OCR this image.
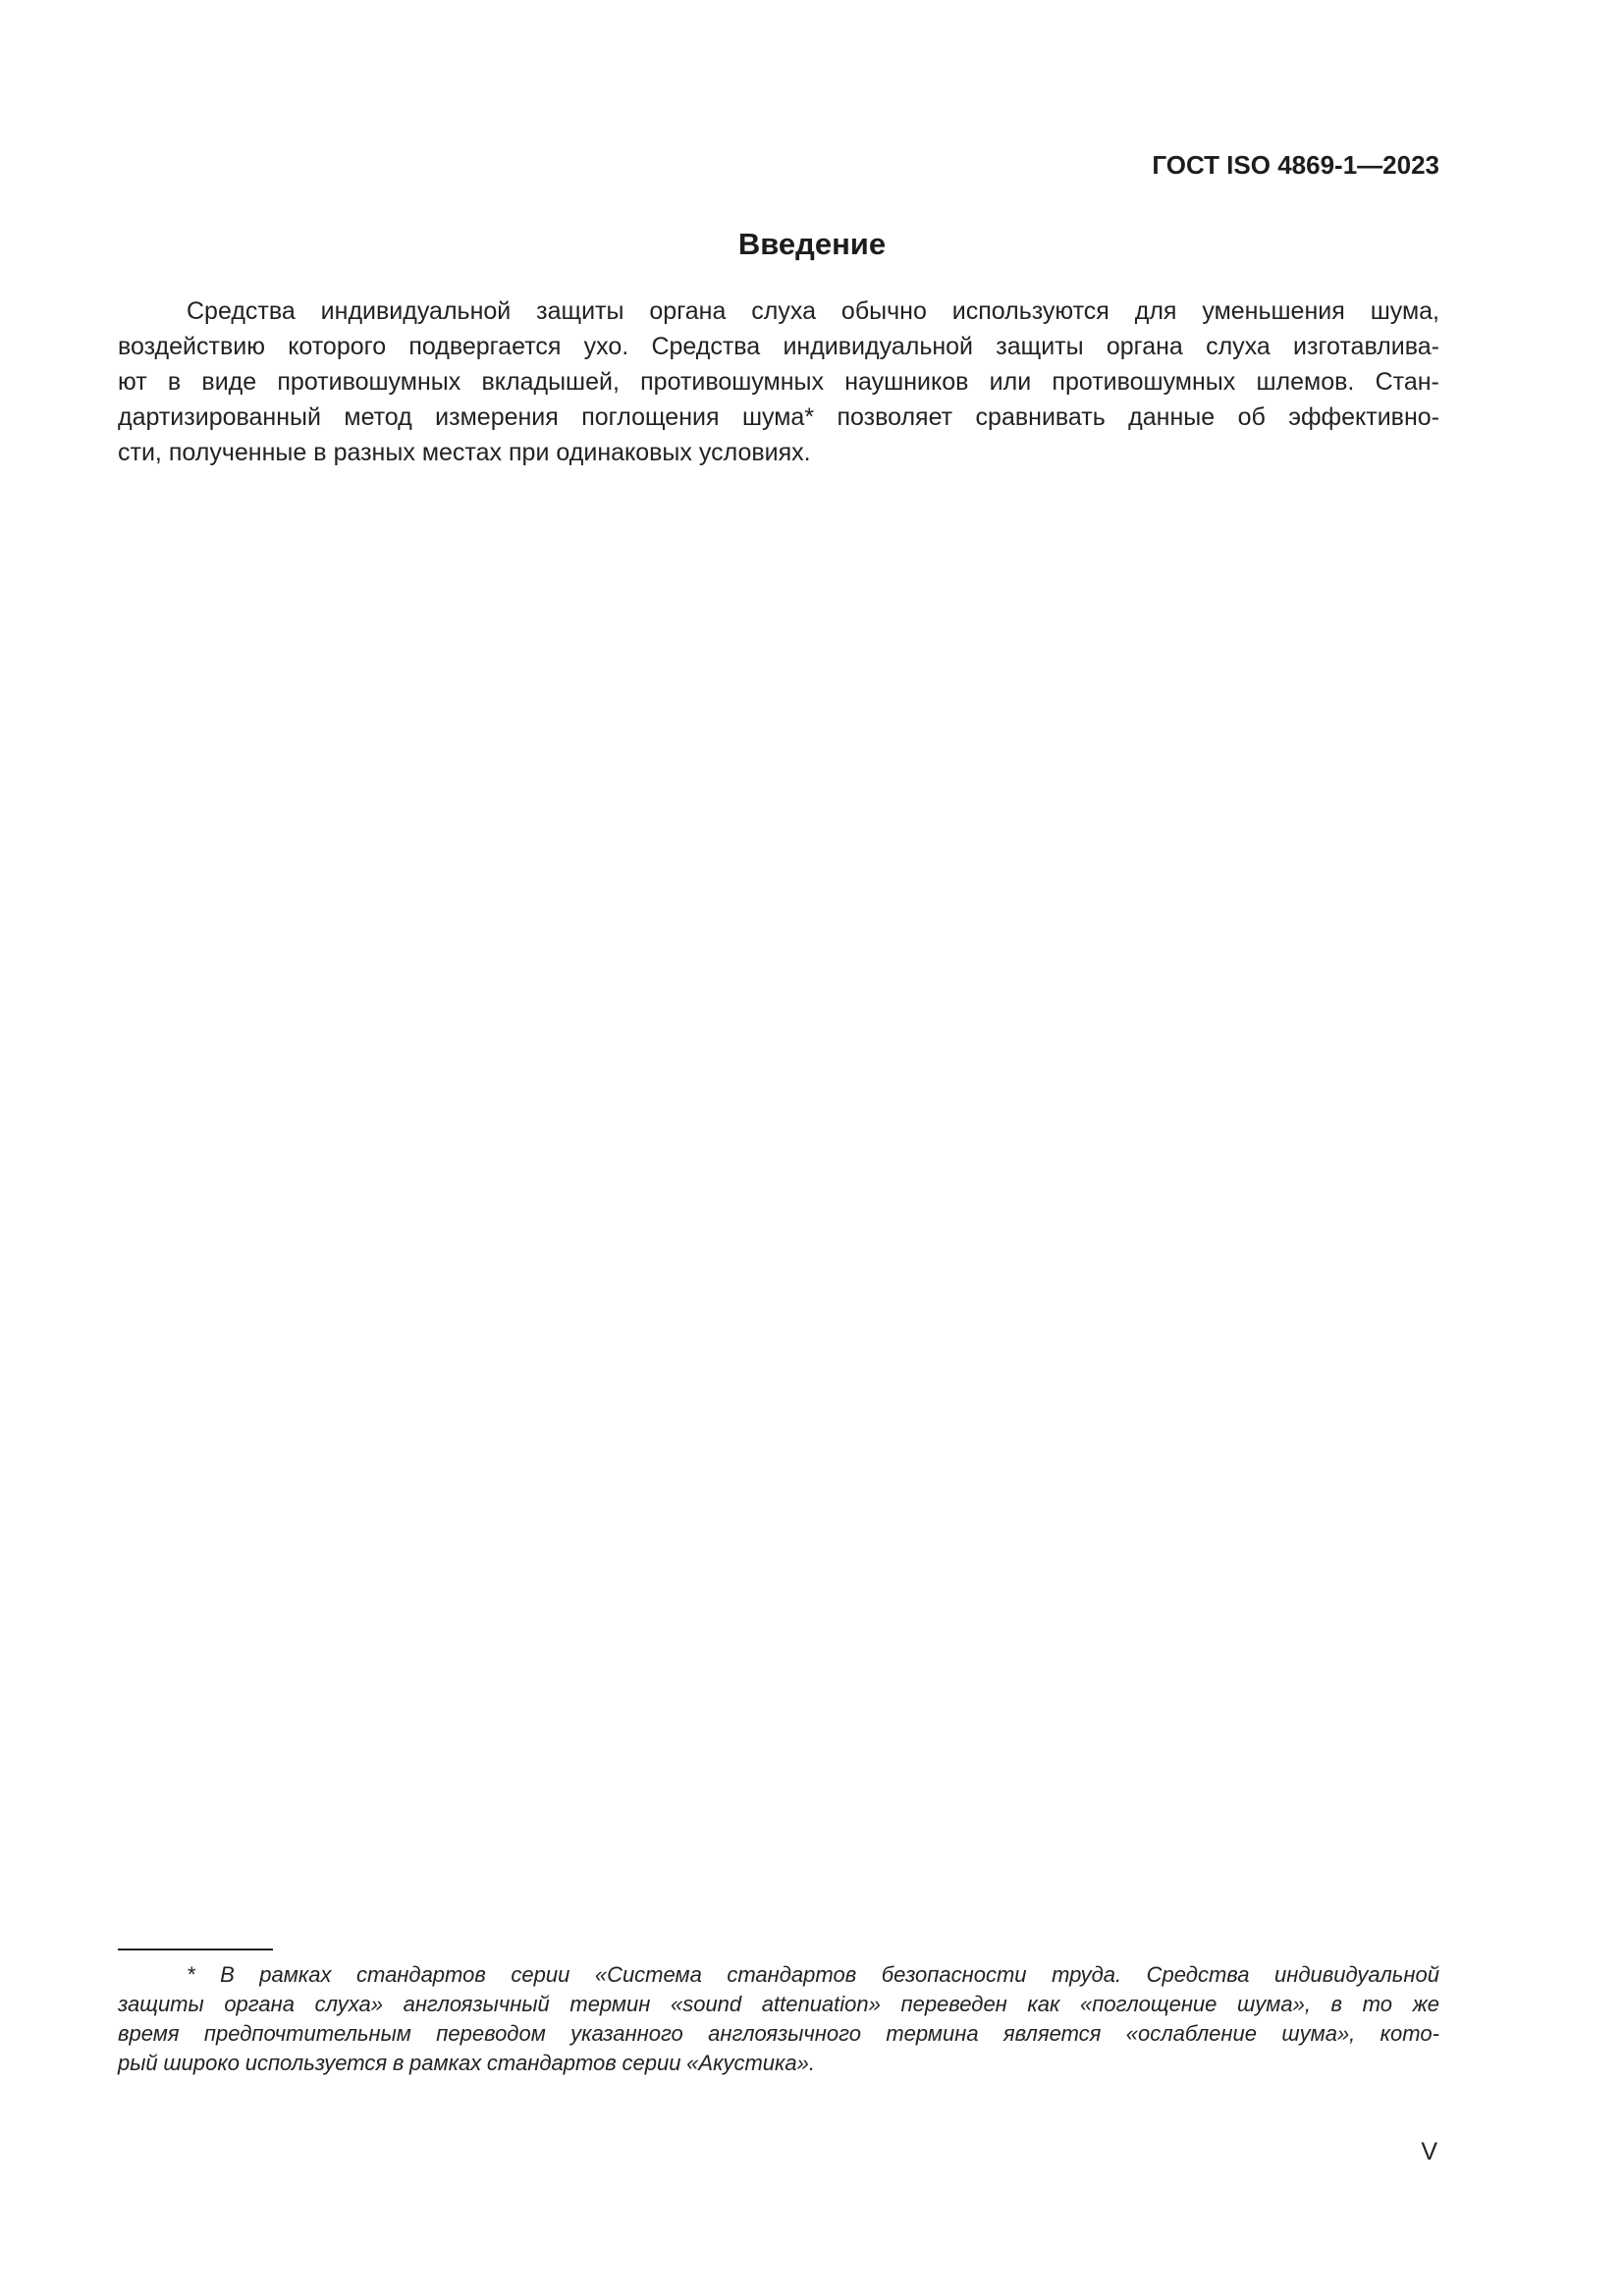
ГОСТ ISO 4869-1—2023
Введение
Средства индивидуальной защиты органа слуха обычно используются для уменьшения шума,
воздействию которого подвергается ухо. Средства индивидуальной защиты органа слуха изготавлива-
ют в виде противошумных вкладышей, противошумных наушников или противошумных шлемов. Стан-
дартизированный метод измерения поглощения шума* позволяет сравнивать данные об эффективно-
сти, полученные в разных местах при одинаковых условиях.
* В рамках стандартов серии «Система стандартов безопасности труда. Средства индивидуальной
защиты органа слуха» англоязычный термин «sound attenuation» переведен как «поглощение шума», в то же
время предпочтительным переводом указанного англоязычного термина является «ослабление шума», кото-
рый широко используется в рамках стандартов серии «Акустика».
V
